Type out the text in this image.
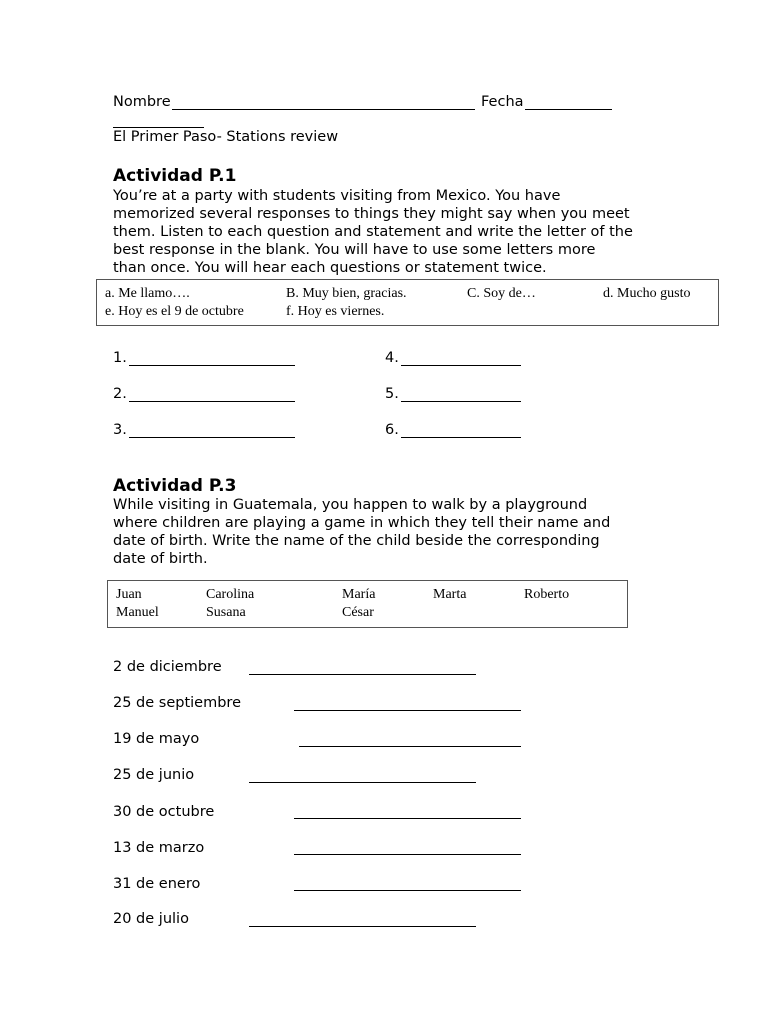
Nombre	Fecha
El Primer Paso- Stations review
Actividad P.1
You’re at a party with students visiting from Mexico. You have
memorized several responses to things they might say when you meet
them. Listen to each question and statement and write the letter of the
best response in the blank. You will have to use some letters more
than once. You will hear each questions or statement twice.
a. Me llamo….	B. Muy bien, gracias.	C. Soy de…	d. Mucho gusto
e. Hoy es el 9 de octubre	f. Hoy es viernes.
1.
2.
3.
4.
5.
6.
Actividad P.3
While visiting in Guatemala, you happen to walk by a playground
where children are playing a game in which they tell their name and
date of birth. Write the name of the child beside the corresponding
date of birth.
Juan	Carolina	María	Marta	Roberto
Manuel	Susana	César
2 de diciembre
25 de septiembre
19 de mayo
25 de junio
30 de octubre
13 de marzo
31 de enero
20 de julio
